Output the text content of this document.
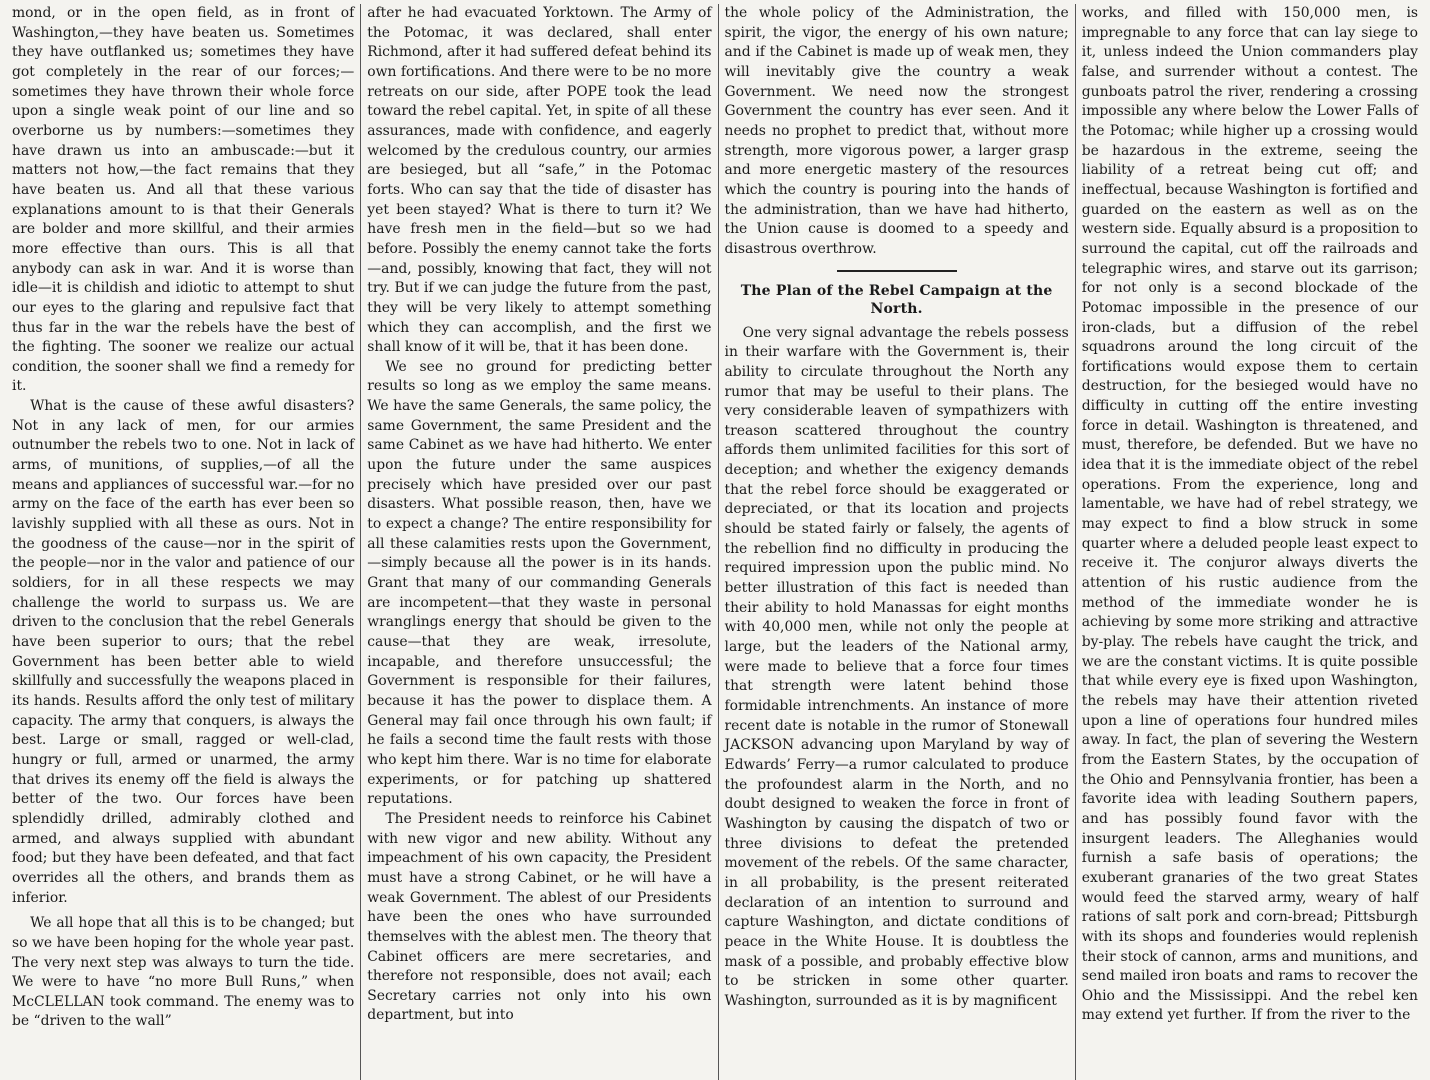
mond, or in the open field, as in front of Washington,—they have beaten us. Sometimes they have outflanked us; sometimes they have got completely in the rear of our forces;—sometimes they have thrown their whole force upon a single weak point of our line and so overborne us by numbers:—sometimes they have drawn us into an ambuscade:—but it matters not how,—the fact remains that they have beaten us. And all that these various explanations amount to is that their Generals are bolder and more skillful, and their armies more effective than ours. This is all that anybody can ask in war. And it is worse than idle—it is childish and idiotic to attempt to shut our eyes to the glaring and repulsive fact that thus far in the war the rebels have the best of the fighting. The sooner we realize our actual condition, the sooner shall we find a remedy for it.

What is the cause of these awful disasters? Not in any lack of men, for our armies outnumber the rebels two to one. Not in lack of arms, of munitions, of supplies,—of all the means and appliances of successful war.—for no army on the face of the earth has ever been so lavishly supplied with all these as ours. Not in the goodness of the cause—nor in the spirit of the people—nor in the valor and patience of our soldiers, for in all these respects we may challenge the world to surpass us. We are driven to the conclusion that the rebel Generals have been superior to ours; that the rebel Government has been better able to wield skillfully and successfully the weapons placed in its hands. Results afford the only test of military capacity. The army that conquers, is always the best. Large or small, ragged or well-clad, hungry or full, armed or unarmed, the army that drives its enemy off the field is always the better of the two. Our forces have been splendidly drilled, admirably clothed and armed, and always supplied with abundant food; but they have been defeated, and that fact overrides all the others, and brands them as inferior.

We all hope that all this is to be changed; but so we have been hoping for the whole year past. The very next step was always to turn the tide. We were to have “no more Bull Runs,” when McCLELLAN took command. The enemy was to be “driven to the wall”

after he had evacuated Yorktown. The Army of the Potomac, it was declared, shall enter Richmond, after it had suffered defeat behind its own fortifications. And there were to be no more retreats on our side, after POPE took the lead toward the rebel capital. Yet, in spite of all these assurances, made with confidence, and eagerly welcomed by the credulous country, our armies are besieged, but all “safe,” in the Potomac forts. Who can say that the tide of disaster has yet been stayed? What is there to turn it? We have fresh men in the field—but so we had before. Possibly the enemy cannot take the forts—and, possibly, knowing that fact, they will not try. But if we can judge the future from the past, they will be very likely to attempt something which they can accomplish, and the first we shall know of it will be, that it has been done.

We see no ground for predicting better results so long as we employ the same means. We have the same Generals, the same policy, the same Government, the same President and the same Cabinet as we have had hitherto. We enter upon the future under the same auspices precisely which have presided over our past disasters. What possible reason, then, have we to expect a change? The entire responsibility for all these calamities rests upon the Government,—simply because all the power is in its hands. Grant that many of our commanding Generals are incompetent—that they waste in personal wranglings energy that should be given to the cause—that they are weak, irresolute, incapable, and therefore unsuccessful; the Government is responsible for their failures, because it has the power to displace them. A General may fail once through his own fault; if he fails a second time the fault rests with those who kept him there. War is no time for elaborate experiments, or for patching up shattered reputations.

The President needs to reinforce his Cabinet with new vigor and new ability. Without any impeachment of his own capacity, the President must have a strong Cabinet, or he will have a weak Government. The ablest of our Presidents have been the ones who have surrounded themselves with the ablest men. The theory that Cabinet officers are mere secretaries, and therefore not responsible, does not avail; each Secretary carries not only into his own department, but into

the whole policy of the Administration, the spirit, the vigor, the energy of his own nature; and if the Cabinet is made up of weak men, they will inevitably give the country a weak Government. We need now the strongest Government the country has ever seen. And it needs no prophet to predict that, without more strength, more vigorous power, a larger grasp and more energetic mastery of the resources which the country is pouring into the hands of the administration, than we have had hitherto, the Union cause is doomed to a speedy and disastrous overthrow.

The Plan of the Rebel Campaign at the North.

One very signal advantage the rebels possess in their warfare with the Government is, their ability to circulate throughout the North any rumor that may be useful to their plans. The very considerable leaven of sympathizers with treason scattered throughout the country affords them unlimited facilities for this sort of deception; and whether the exigency demands that the rebel force should be exaggerated or depreciated, or that its location and projects should be stated fairly or falsely, the agents of the rebellion find no difficulty in producing the required impression upon the public mind. No better illustration of this fact is needed than their ability to hold Manassas for eight months with 40,000 men, while not only the people at large, but the leaders of the National army, were made to believe that a force four times that strength were latent behind those formidable intrenchments. An instance of more recent date is notable in the rumor of Stonewall JACKSON advancing upon Maryland by way of Edwards’ Ferry—a rumor calculated to produce the profoundest alarm in the North, and no doubt designed to weaken the force in front of Washington by causing the dispatch of two or three divisions to defeat the pretended movement of the rebels. Of the same character, in all probability, is the present reiterated declaration of an intention to surround and capture Washington, and dictate conditions of peace in the White House. It is doubtless the mask of a possible, and probably effective blow to be stricken in some other quarter. Washington, surrounded as it is by magnificent

works, and filled with 150,000 men, is impregnable to any force that can lay siege to it, unless indeed the Union commanders play false, and surrender without a contest. The gunboats patrol the river, rendering a crossing impossible any where below the Lower Falls of the Potomac; while higher up a crossing would be hazardous in the extreme, seeing the liability of a retreat being cut off; and ineffectual, because Washington is fortified and guarded on the eastern as well as on the western side. Equally absurd is a proposition to surround the capital, cut off the railroads and telegraphic wires, and starve out its garrison; for not only is a second blockade of the Potomac impossible in the presence of our iron-clads, but a diffusion of the rebel squadrons around the long circuit of the fortifications would expose them to certain destruction, for the besieged would have no difficulty in cutting off the entire investing force in detail. Washington is threatened, and must, therefore, be defended. But we have no idea that it is the immediate object of the rebel operations. From the experience, long and lamentable, we have had of rebel strategy, we may expect to find a blow struck in some quarter where a deluded people least expect to receive it. The conjuror always diverts the attention of his rustic audience from the method of the immediate wonder he is achieving by some more striking and attractive by-play. The rebels have caught the trick, and we are the constant victims. It is quite possible that while every eye is fixed upon Washington, the rebels may have their attention riveted upon a line of operations four hundred miles away. In fact, the plan of severing the Western from the Eastern States, by the occupation of the Ohio and Pennsylvania frontier, has been a favorite idea with leading Southern papers, and has possibly found favor with the insurgent leaders. The Alleghanies would furnish a safe basis of operations; the exuberant granaries of the two great States would feed the starved army, weary of half rations of salt pork and corn-bread; Pittsburgh with its shops and founderies would replenish their stock of cannon, arms and munitions, and send mailed iron boats and rams to recover the Ohio and the Mississippi. And the rebel ken may extend yet further. If from the river to the
